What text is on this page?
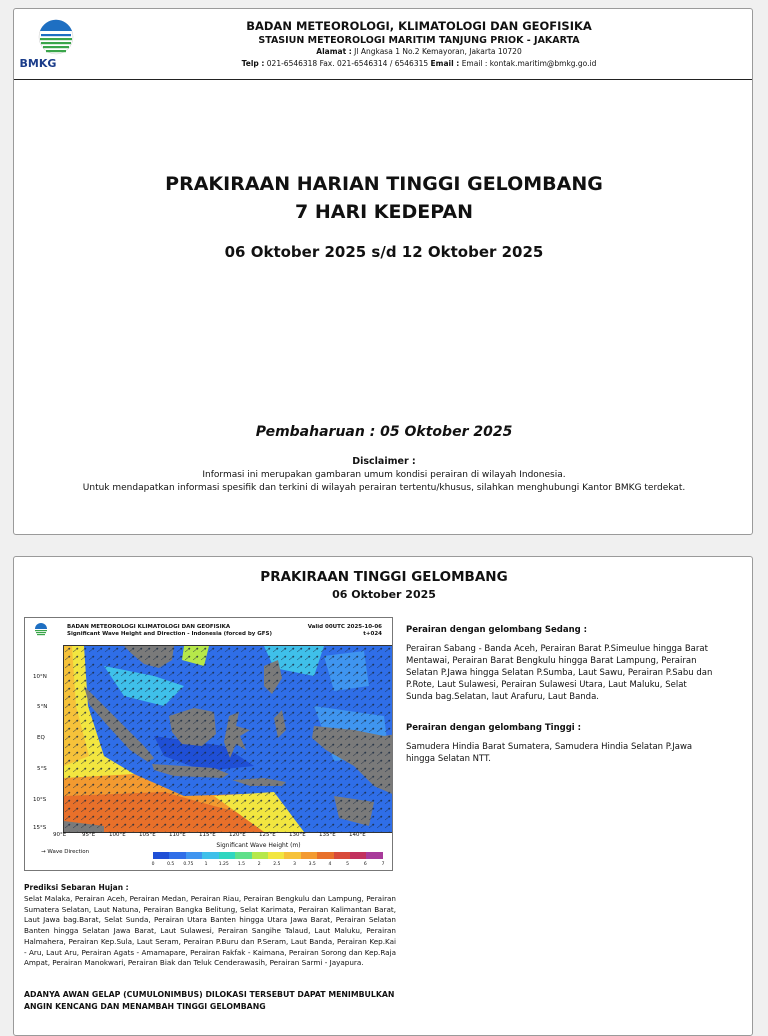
BMKG
BADAN METEOROLOGI, KLIMATOLOGI DAN GEOFISIKA
STASIUN METEOROLOGI MARITIM TANJUNG PRIOK - JAKARTA
Alamat : Jl Angkasa 1 No.2 Kemayoran, Jakarta 10720
Telp : 021-6546318 Fax. 021-6546314 / 6546315 Email : Email : kontak.maritim@bmkg.go.id
PRAKIRAAN HARIAN TINGGI GELOMBANG
7 HARI KEDEPAN
06 Oktober 2025 s/d 12 Oktober 2025
Pembaharuan : 05 Oktober 2025
Disclaimer :
Informasi ini merupakan gambaran umum kondisi perairan di wilayah Indonesia.
Untuk mendapatkan informasi spesifik dan terkini di wilayah perairan tertentu/khusus, silahkan menghubungi Kantor BMKG terdekat.
PRAKIRAAN TINGGI GELOMBANG
06 Oktober 2025
BADAN METEOROLOGI KLIMATOLOGI DAN GEOFISIKA
Significant Wave Height and Direction - Indonesia (forced by GFS)
Valid 00UTC 2025-10-06
t+024
10°N
5°N
EQ
5°S
10°S
15°S
90°E	95°E	100°E 105°E 110°E 115°E 120°E 125°E 130°E 135°E 140°E
Significant Wave Height (m)
→ Wave Direction
0	0.5 0.75 1	1.25 1.5	2	2.5	3	3.5	4	5	6	7
Perairan dengan gelombang Sedang :
Perairan Sabang - Banda Aceh, Perairan Barat P.Simeulue hingga Barat Mentawai, Perairan Barat Bengkulu hingga Barat Lampung, Perairan Selatan P.Jawa hingga Selatan P.Sumba, Laut Sawu, Perairan P.Sabu dan P.Rote, Laut Sulawesi, Perairan Sulawesi Utara, Laut Maluku, Selat Sunda bag.Selatan, laut Arafuru, Laut Banda.
Perairan dengan gelombang Tinggi :
Samudera Hindia Barat Sumatera, Samudera Hindia Selatan P.Jawa hingga Selatan NTT.
Prediksi Sebaran Hujan :
Selat Malaka, Perairan Aceh, Perairan Medan, Perairan Riau, Perairan Bengkulu dan Lampung, Perairan Sumatera Selatan, Laut Natuna, Perairan Bangka Belitung, Selat Karimata, Perairan Kalimantan Barat, Laut Jawa bag.Barat, Selat Sunda, Perairan Utara Banten hingga Utara Jawa Barat, Perairan Selatan Banten hingga Selatan Jawa Barat, Laut Sulawesi, Perairan Sangihe Talaud, Laut Maluku, Perairan Halmahera, Perairan Kep.Sula, Laut Seram, Perairan P.Buru dan P.Seram, Laut Banda, Perairan Kep.Kai - Aru, Laut Aru, Perairan Agats - Amamapare, Perairan Fakfak - Kaimana, Perairan Sorong dan Kep.Raja Ampat, Perairan Manokwari, Perairan Biak dan Teluk Cenderawasih, Perairan Sarmi - Jayapura.
ADANYA AWAN GELAP (CUMULONIMBUS) DILOKASI TERSEBUT DAPAT MENIMBULKAN ANGIN KENCANG DAN MENAMBAH TINGGI GELOMBANG
